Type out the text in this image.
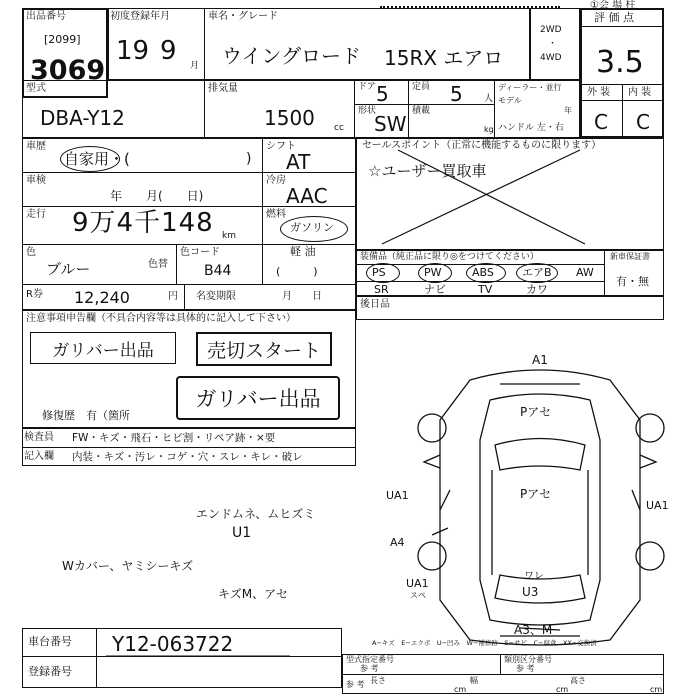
①会 場 柱
出品番号
[2099]
3069
初度登録年月
19 9 月
車名・グレード
ウイングロード 15RX エアロ
2WD
・
4WD
評 価 点
3.5
外 装 内 装
C C
型式
DBA-Y12
排気量
1500 cc
ドア 5	定員 5 人
ディーラー・並行
モデル
年
形状
SW
積載
kg ハンドル 左・右
車歴
自家用・(	)
シフト
AT
車検
年　　月(　　日)
冷房
AAC
走行 9万4千148 km
燃料
ガソリン
軽 油
(　　　)
色
ブルー	色替
色コード
B44
R券 12,240	円 名変期限	月　　日
セールスポイント（正常に機能するものに限ります）
☆ユーザー買取車
装備品（純正品に限り◎をつけてください）	新車保証書
有・無
PS	PW	ABS	エアB AW
SR	ナビ	TV	カワ
後日品
注意事項申告欄（不具合内容等は具体的に記入して下さい）
ガリバー出品	売切スタート
ガリバー出品
修復歴　有（箇所
検査員
記入欄
FW・キズ・飛石・ヒビ割・リペア跡・×要
内装・キズ・汚レ・コゲ・穴・スレ・キレ・破レ
エンドムネ、ムヒズミ
U1
Wカバー、ヤミシーキズ
キズM、アセ
A1
Pアセ
Pアセ
UA1
UA1
A4
UA1
スペ
ワレ
U3
A3、M
A−キズ　E−エクボ　U−凹み　W−補修跡　S−サビ　C−腐食　XX−交換済
車台番号 Y12-063722
登録番号
型式指定番号
参 考
類別区分番号
参 考
参 考 長さ	幅	高さ
cm	cm	cm
